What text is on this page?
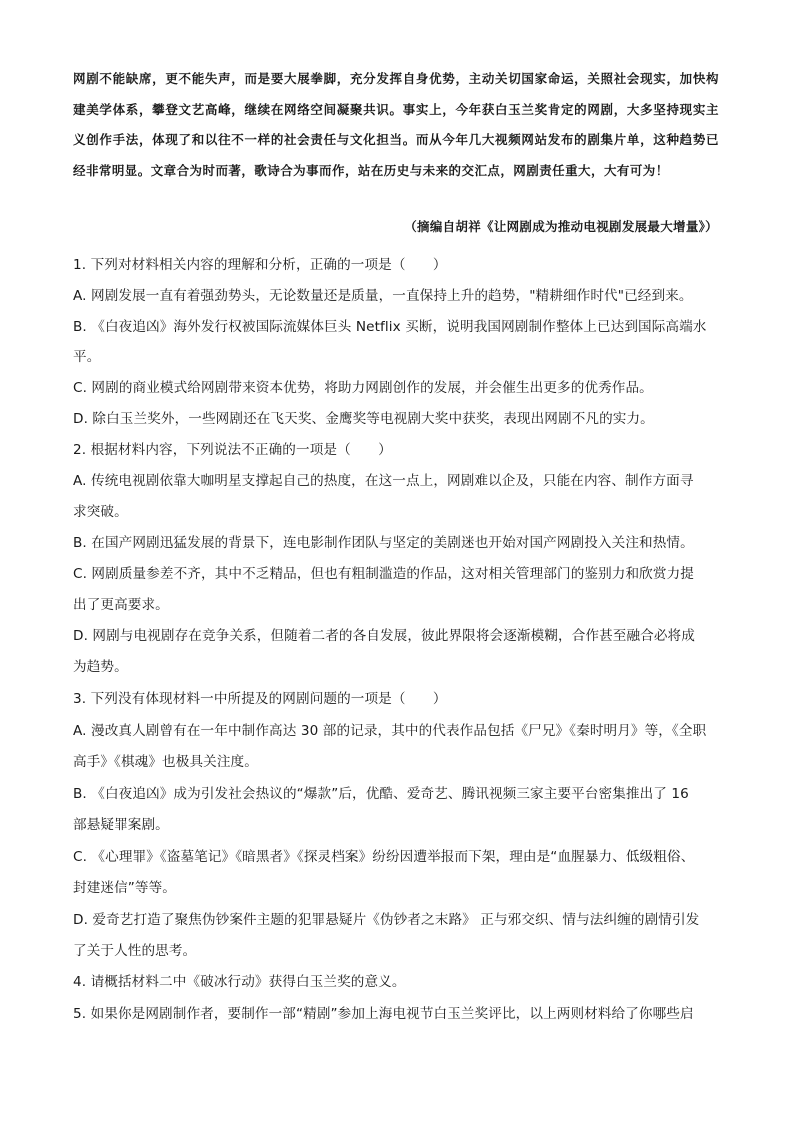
网剧不能缺席，更不能失声，而是要大展拳脚，充分发挥自身优势，主动关切国家命运，关照社会现实，加快构建美学体系，攀登文艺高峰，继续在网络空间凝聚共识。事实上，今年获白玉兰奖肯定的网剧，大多坚持现实主义创作手法，体现了和以往不一样的社会责任与文化担当。而从今年几大视频网站发布的剧集片单，这种趋势已经非常明显。文章合为时而著，歌诗合为事而作，站在历史与未来的交汇点，网剧责任重大，大有可为！

（摘编自胡祥《让网剧成为推动电视剧发展最大增量》）
1. 下列对材料相关内容的理解和分析，正确的一项是（　　）
A. 网剧发展一直有着强劲势头，无论数量还是质量，一直保持上升的趋势，"精耕细作时代"已经到来。
B. 《白夜追凶》海外发行权被国际流媒体巨头 Netflix 买断，说明我国网剧制作整体上已达到国际高端水
平。
C. 网剧的商业模式给网剧带来资本优势，将助力网剧创作的发展，并会催生出更多的优秀作品。
D. 除白玉兰奖外，一些网剧还在飞天奖、金鹰奖等电视剧大奖中获奖，表现出网剧不凡的实力。
2. 根据材料内容，下列说法不正确的一项是（　　）
A. 传统电视剧依靠大咖明星支撑起自己的热度，在这一点上，网剧难以企及，只能在内容、制作方面寻
求突破。
B. 在国产网剧迅猛发展的背景下，连电影制作团队与坚定的美剧迷也开始对国产网剧投入关注和热情。
C. 网剧质量参差不齐，其中不乏精品，但也有粗制滥造的作品，这对相关管理部门的鉴别力和欣赏力提
出了更高要求。
D. 网剧与电视剧存在竞争关系，但随着二者的各自发展，彼此界限将会逐渐模糊，合作甚至融合必将成
为趋势。
3. 下列没有体现材料一中所提及的网剧问题的一项是（　　）
A. 漫改真人剧曾有在一年中制作高达 30 部的记录，其中的代表作品包括《尸兄》《秦时明月》等，《全职
高手》《棋魂》也极具关注度。
B. 《白夜追凶》成为引发社会热议的“爆款”后，优酷、爱奇艺、腾讯视频三家主要平台密集推出了 16
部悬疑罪案剧。
C. 《心理罪》《盗墓笔记》《暗黑者》《探灵档案》纷纷因遭举报而下架，理由是“血腥暴力、低级粗俗、
封建迷信”等等。
D. 爱奇艺打造了聚焦伪钞案件主题的犯罪悬疑片《伪钞者之末路》 正与邪交织、情与法纠缠的剧情引发
了关于人性的思考。
4. 请概括材料二中《破冰行动》获得白玉兰奖的意义。
5. 如果你是网剧制作者，要制作一部“精剧”参加上海电视节白玉兰奖评比，以上两则材料给了你哪些启
